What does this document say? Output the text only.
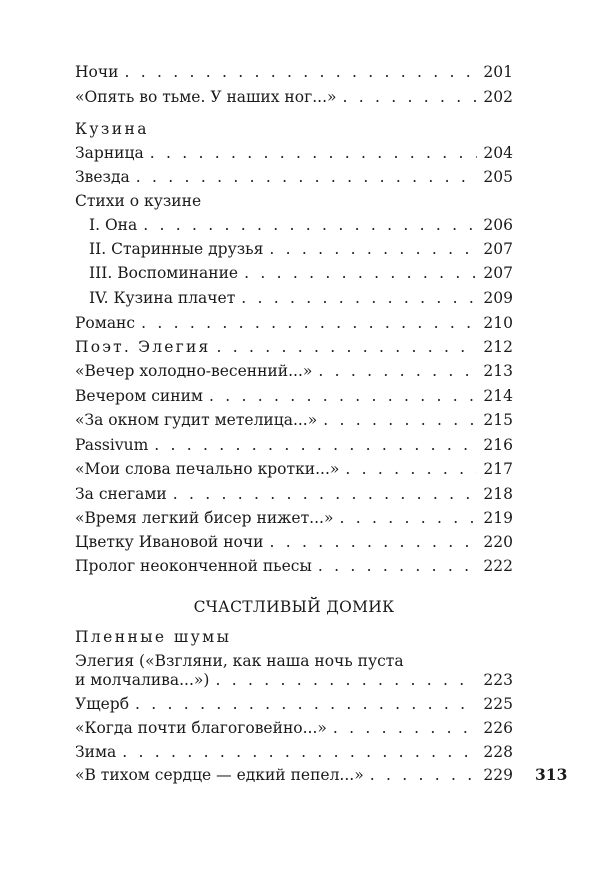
Ночи . . .	201
«Опять во тьме. У наших ног...» . . .	202
Кузина
Зарница . . .	204
Звезда . . .	205
Стихи о кузине
I. Она . . .	206
II. Старинные друзья . . .	207
III. Воспоминание . . .	207
IV. Кузина плачет . . .	209
Романс . . .	210
Поэт. Элегия . . .	212
«Вечер холодно-весенний...» . . .	213
Вечером синим . . .	214
«За окном гудит метелица...» . . .	215
Passivum . . .	216
«Мои слова печально кротки...» . . .	217
За снегами . . .	218
«Время легкий бисер нижет...» . . .	219
Цветку Ивановой ночи . . .	220
Пролог неоконченной пьесы . . .	222
СЧАСТЛИВЫЙ ДОМИК
Пленные шумы
Элегия («Взгляни, как наша ночь пуста
и молчалива...») . . .	223
Ущерб . . .	225
«Когда почти благоговейно...» . . .	226
Зима . . .	228
«В тихом сердце — едкий пепел...» . . .	229 313
